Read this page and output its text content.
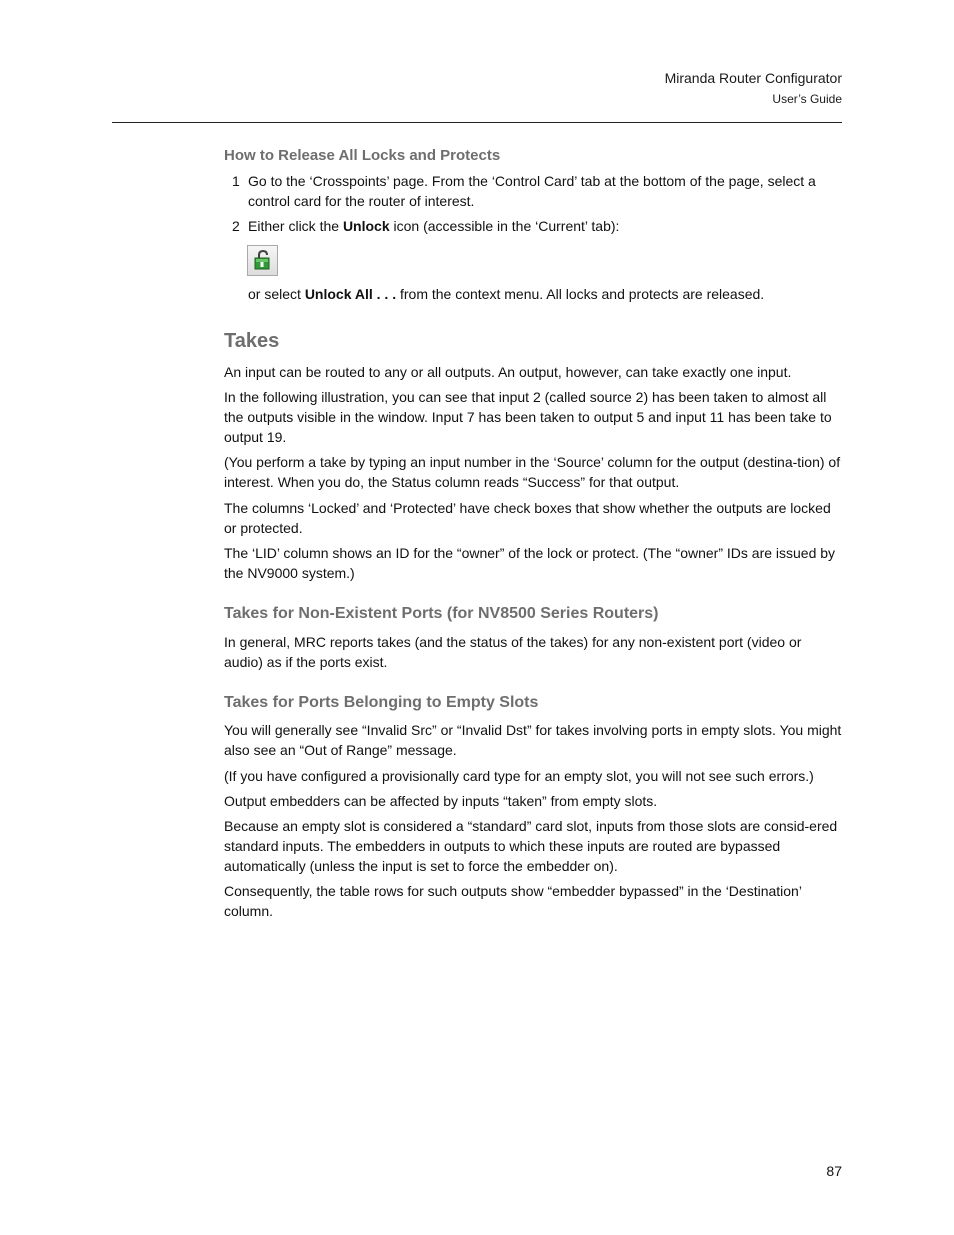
Miranda Router Configurator
User’s Guide
How to Release All Locks and Protects
1 Go to the ‘Crosspoints’ page. From the ‘Control Card’ tab at the bottom of the page, select a control card for the router of interest.
2 Either click the Unlock icon (accessible in the ‘Current’ tab):
or select Unlock All . . . from the context menu. All locks and protects are released.
Takes
An input can be routed to any or all outputs. An output, however, can take exactly one input.
In the following illustration, you can see that input 2 (called source 2) has been taken to almost all the outputs visible in the window. Input 7 has been taken to output 5 and input 11 has been take to output 19.
(You perform a take by typing an input number in the ‘Source’ column for the output (destina-tion) of interest. When you do, the Status column reads “Success” for that output.
The columns ‘Locked’ and ‘Protected’ have check boxes that show whether the outputs are locked or protected.
The ‘LID’ column shows an ID for the “owner” of the lock or protect. (The “owner” IDs are issued by the NV9000 system.)
Takes for Non-Existent Ports (for NV8500 Series Routers)
In general, MRC reports takes (and the status of the takes) for any non-existent port (video or audio) as if the ports exist.
Takes for Ports Belonging to Empty Slots
You will generally see “Invalid Src” or “Invalid Dst” for takes involving ports in empty slots. You might also see an “Out of Range” message.
(If you have configured a provisionally card type for an empty slot, you will not see such errors.)
Output embedders can be affected by inputs “taken” from empty slots.
Because an empty slot is considered a “standard” card slot, inputs from those slots are consid-ered standard inputs. The embedders in outputs to which these inputs are routed are bypassed automatically (unless the input is set to force the embedder on).
Consequently, the table rows for such outputs show “embedder bypassed” in the ‘Destination’ column.
87
